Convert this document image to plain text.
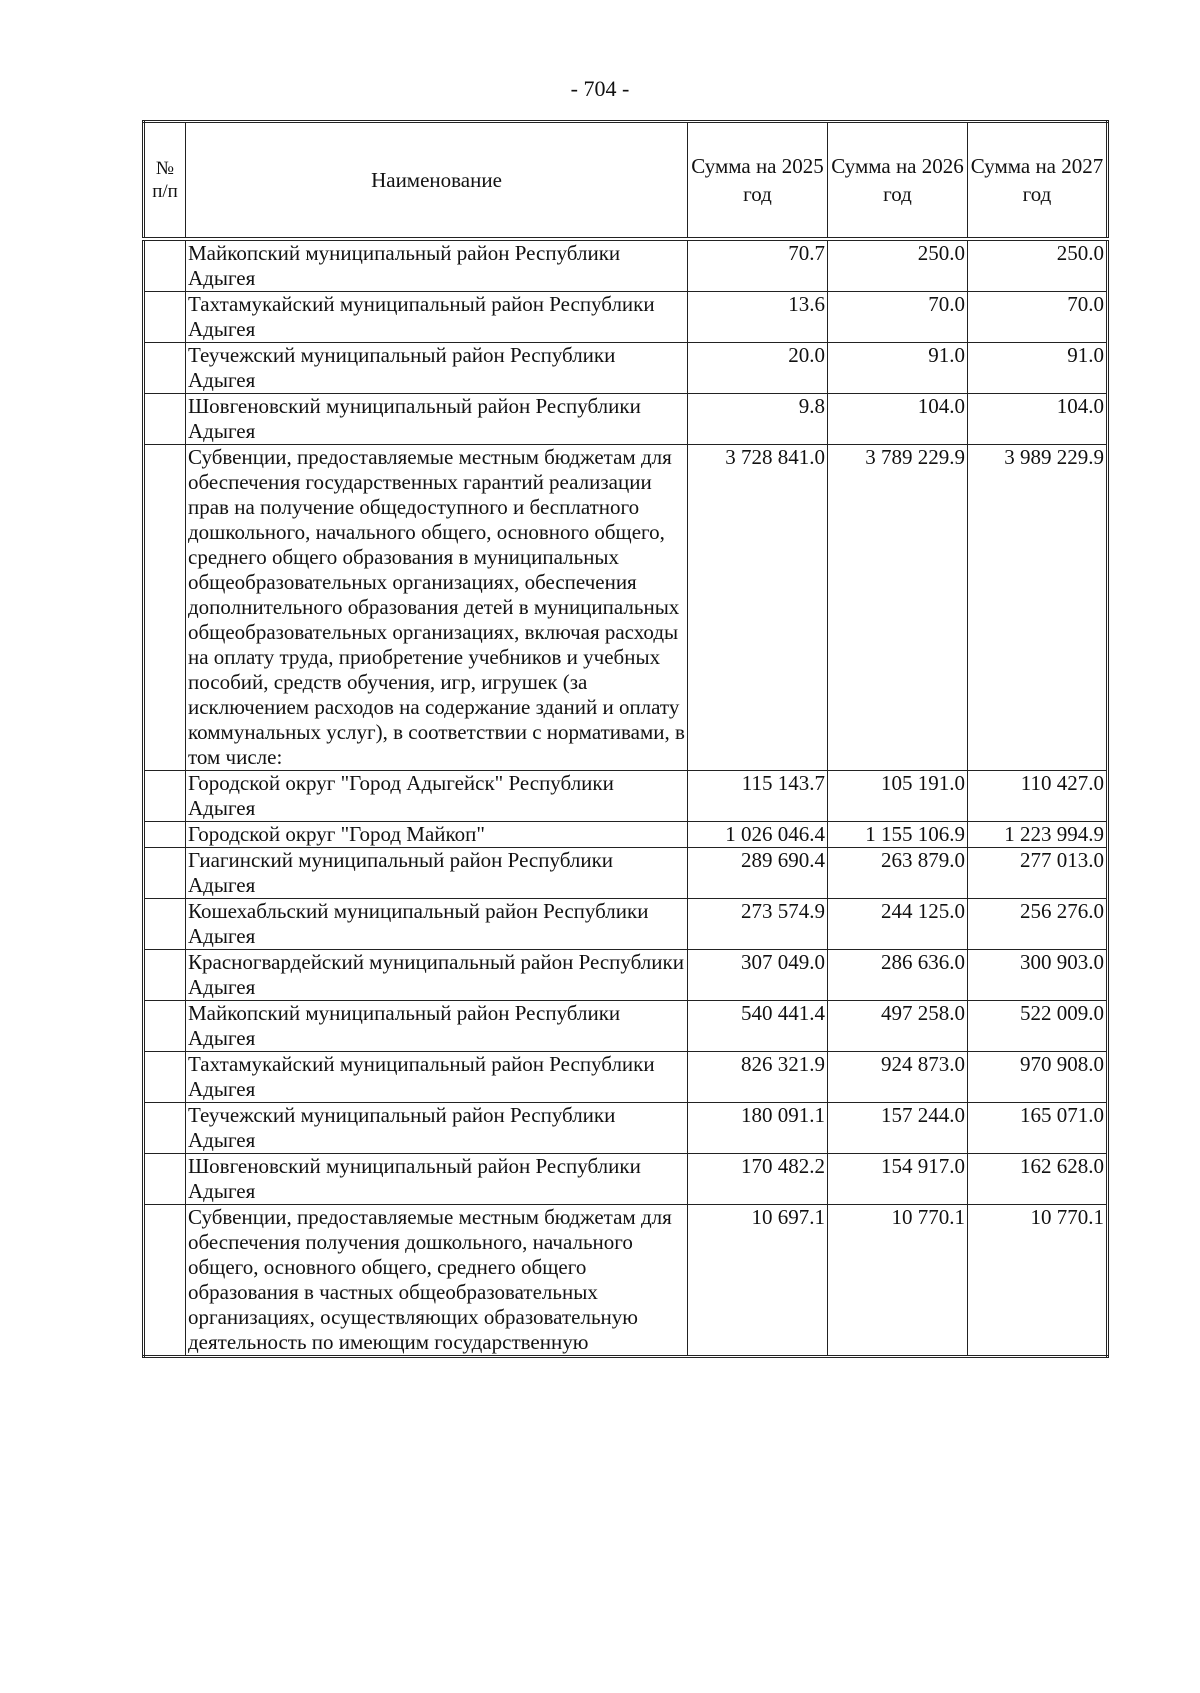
- 704 -
№ п/п	Наименование	Сумма на 2025 год	Сумма на 2026 год	Сумма на 2027 год
	Майкопский муниципальный район Республики Адыгея	70.7	250.0	250.0
	Тахтамукайский муниципальный район Республики Адыгея	13.6	70.0	70.0
	Теучежский муниципальный район Республики Адыгея	20.0	91.0	91.0
	Шовгеновский муниципальный район Республики Адыгея	9.8	104.0	104.0
	Субвенции, предоставляемые местным бюджетам для обеспечения государственных гарантий реализации прав на получение общедоступного и бесплатного дошкольного, начального общего, основного общего, среднего общего образования в муниципальных общеобразовательных организациях, обеспечения дополнительного образования детей в муниципальных общеобразовательных организациях, включая расходы на оплату труда, приобретение учебников и учебных пособий, средств обучения, игр, игрушек (за исключением расходов на содержание зданий и оплату коммунальных услуг), в соответствии с нормативами, в том числе:	3 728 841.0	3 789 229.9	3 989 229.9
	Городской округ "Город Адыгейск" Республики Адыгея	115 143.7	105 191.0	110 427.0
	Городской округ "Город Майкоп"	1 026 046.4	1 155 106.9	1 223 994.9
	Гиагинский муниципальный район Республики Адыгея	289 690.4	263 879.0	277 013.0
	Кошехабльский муниципальный район Республики Адыгея	273 574.9	244 125.0	256 276.0
	Красногвардейский муниципальный район Республики Адыгея	307 049.0	286 636.0	300 903.0
	Майкопский муниципальный район Республики Адыгея	540 441.4	497 258.0	522 009.0
	Тахтамукайский муниципальный район Республики Адыгея	826 321.9	924 873.0	970 908.0
	Теучежский муниципальный район Республики Адыгея	180 091.1	157 244.0	165 071.0
	Шовгеновский муниципальный район Республики Адыгея	170 482.2	154 917.0	162 628.0
	Субвенции, предоставляемые местным бюджетам для обеспечения получения дошкольного, начального общего, основного общего, среднего общего образования в частных общеобразовательных организациях, осуществляющих образовательную деятельность по имеющим государственную	10 697.1	10 770.1	10 770.1
